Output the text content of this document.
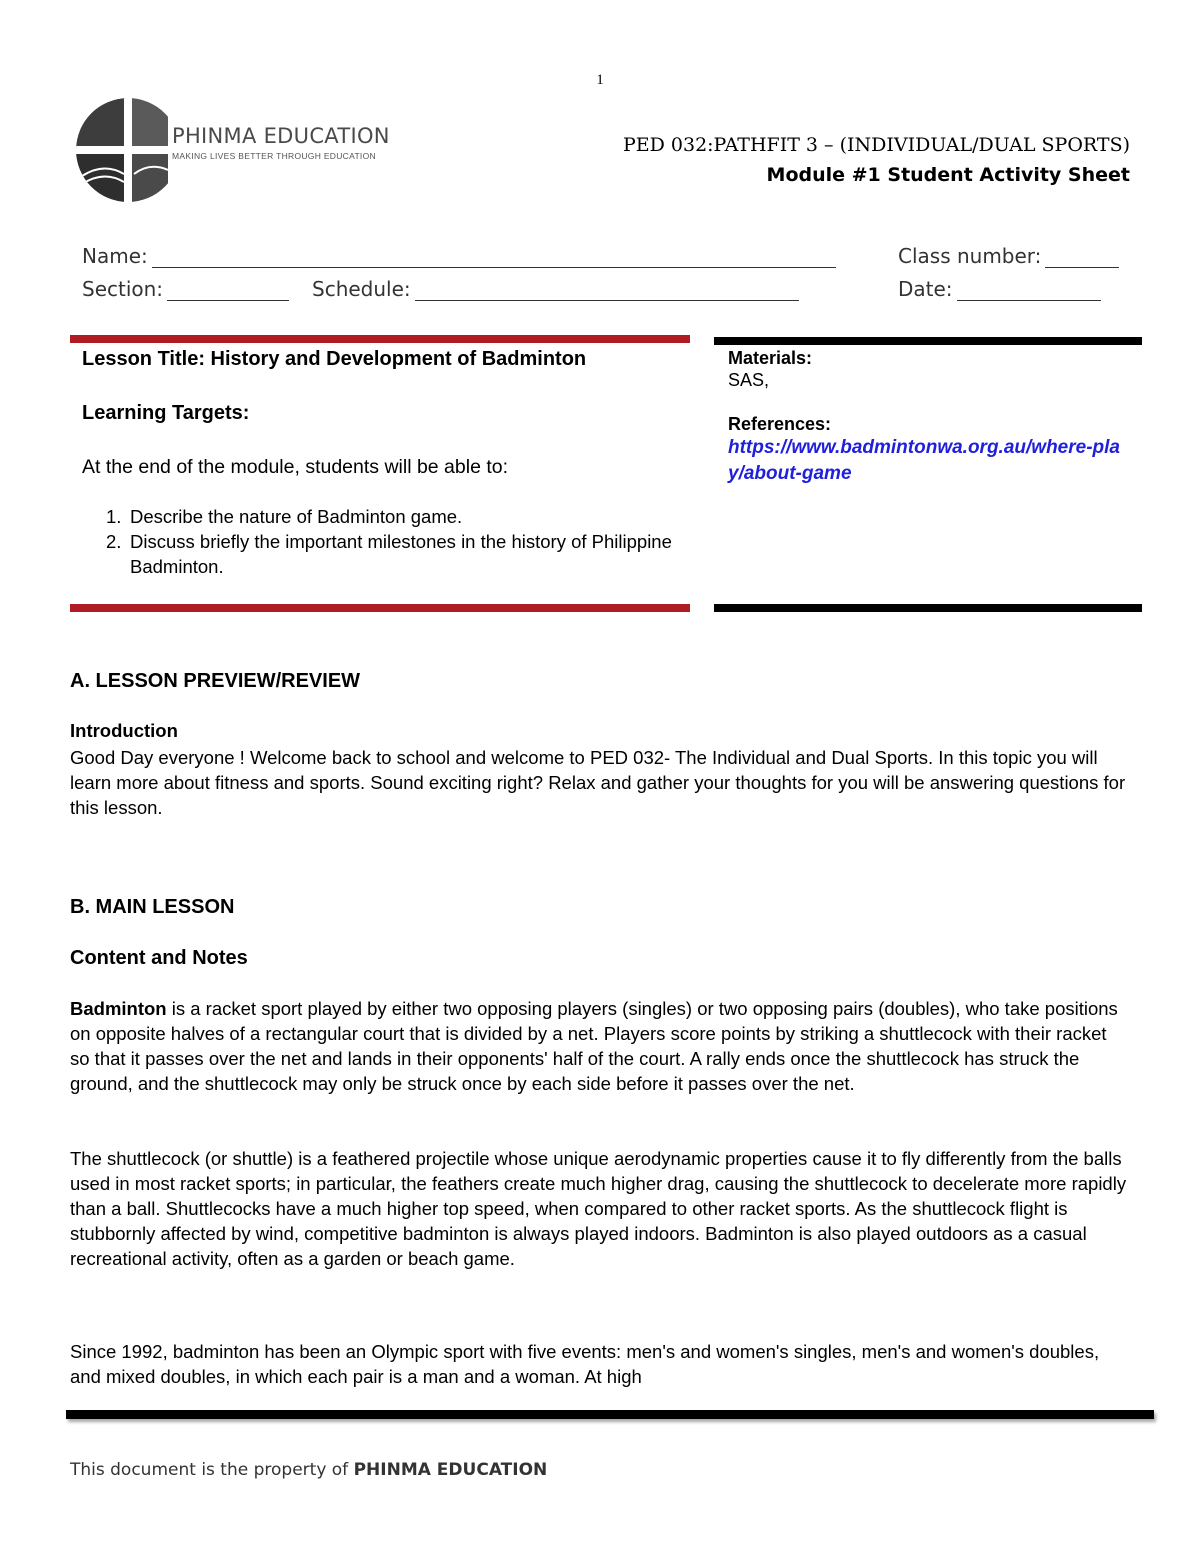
1
PHINMA EDUCATION
MAKING LIVES BETTER THROUGH EDUCATION	PED 032:PATHFIT 3 – (INDIVIDUAL/DUAL SPORTS)
Module #1 Student Activity Sheet
Name:	Class number:
Section:	Schedule:	Date:
Lesson Title: History and Development of Badminton
Learning Targets:
At the end of the module, students will be able to:
1. Describe the nature of Badminton game.
2. Discuss briefly the important milestones in the history of Philippine Badminton.
Materials:
SAS,
References:
https://www.badmintonwa.org.au/where-play/about-game
A. LESSON PREVIEW/REVIEW
Introduction
Good Day everyone ! Welcome back to school and welcome to PED 032- The Individual and Dual Sports. In this topic you will learn more about fitness and sports. Sound exciting right? Relax and gather your thoughts for you will be answering questions for this lesson.
B. MAIN LESSON
Content and Notes
Badminton is a racket sport played by either two opposing players (singles) or two opposing pairs (doubles), who take positions on opposite halves of a rectangular court that is divided by a net. Players score points by striking a shuttlecock with their racket so that it passes over the net and lands in their opponents' half of the court. A rally ends once the shuttlecock has struck the ground, and the shuttlecock may only be struck once by each side before it passes over the net.
The shuttlecock (or shuttle) is a feathered projectile whose unique aerodynamic properties cause it to fly differently from the balls used in most racket sports; in particular, the feathers create much higher drag, causing the shuttlecock to decelerate more rapidly than a ball. Shuttlecocks have a much higher top speed, when compared to other racket sports. As the shuttlecock flight is stubbornly affected by wind, competitive badminton is always played indoors. Badminton is also played outdoors as a casual recreational activity, often as a garden or beach game.
Since 1992, badminton has been an Olympic sport with five events: men's and women's singles, men's and women's doubles, and mixed doubles, in which each pair is a man and a woman. At high
This document is the property of PHINMA EDUCATION
